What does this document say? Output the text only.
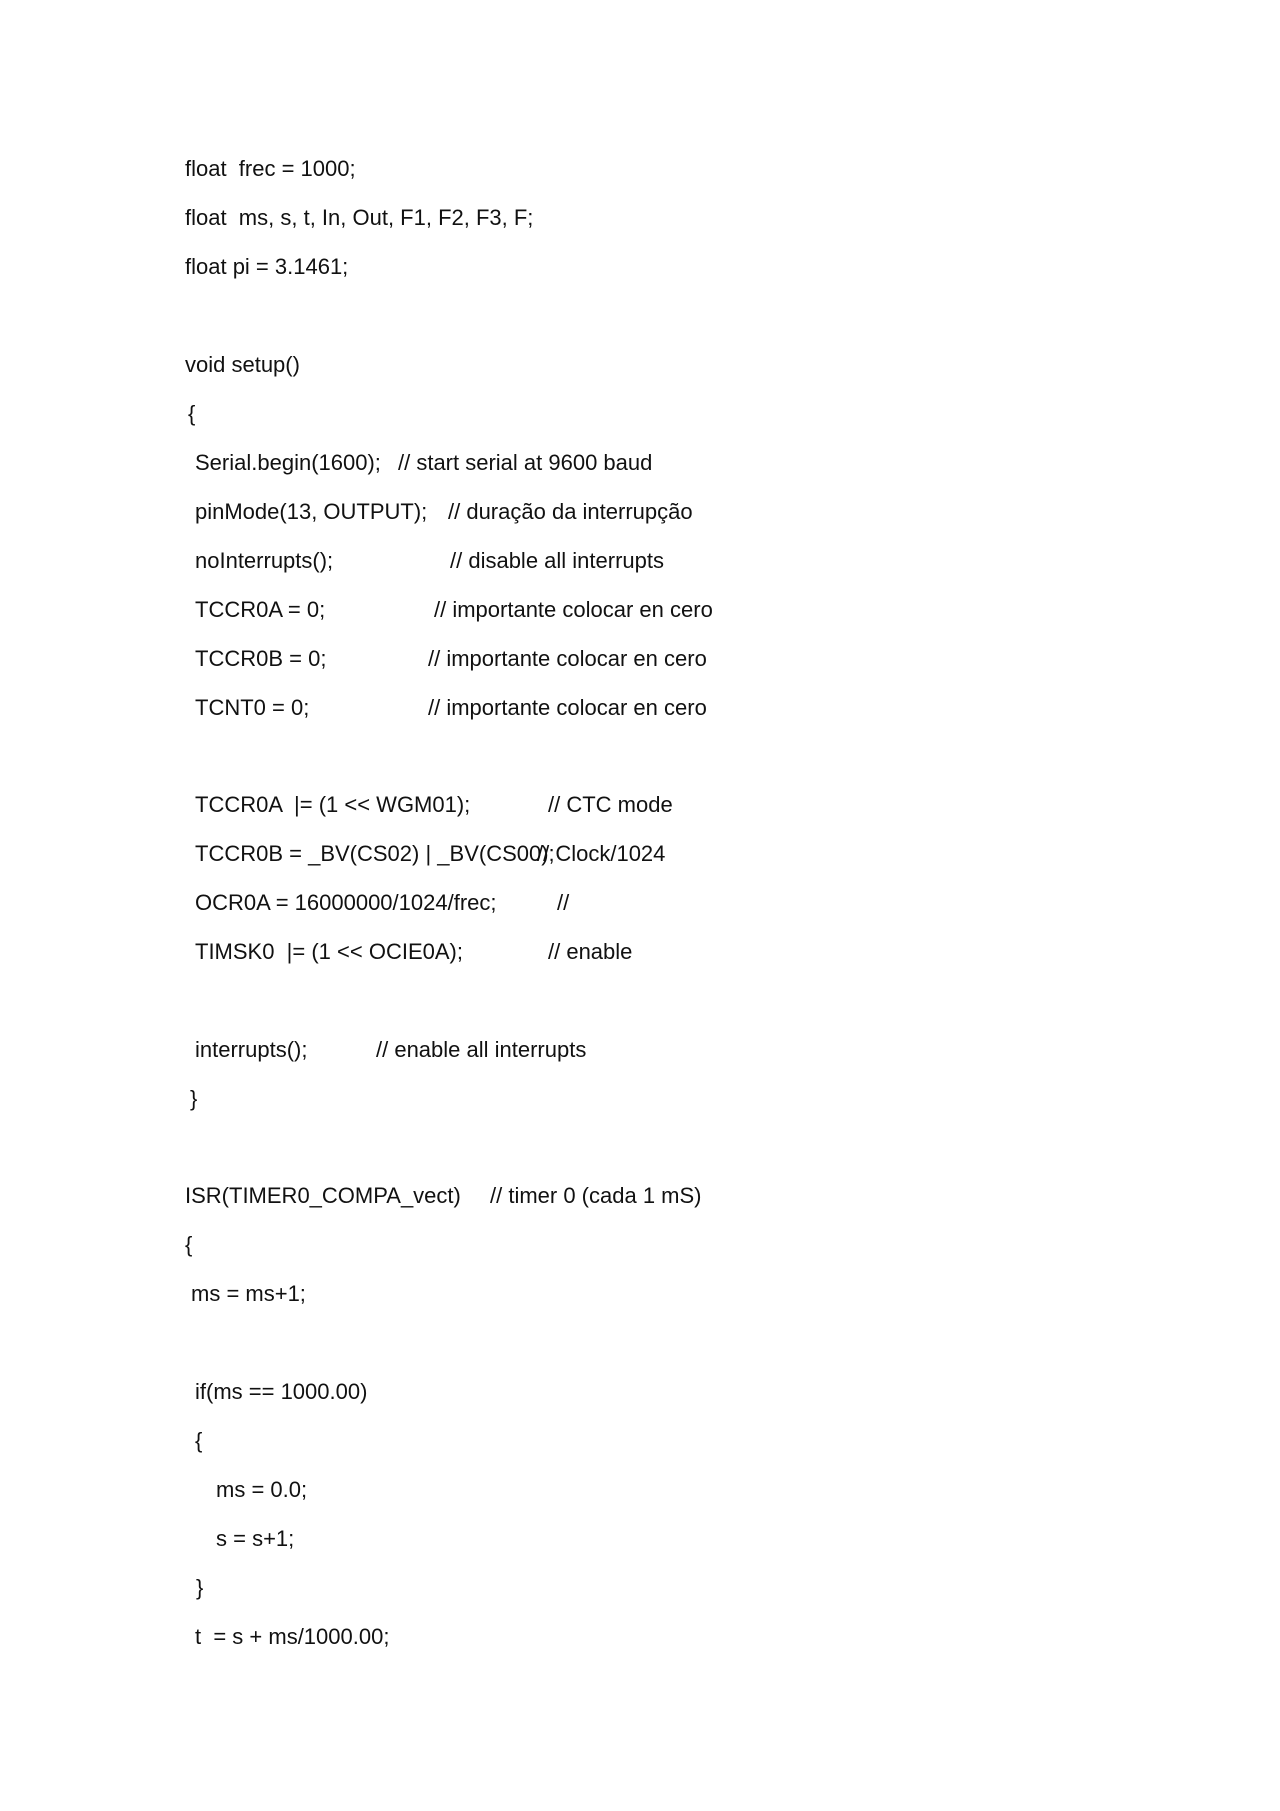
float  frec = 1000;
float  ms, s, t, In, Out, F1, F2, F3, F;
float pi = 3.1461;
void setup()
{
Serial.begin(1600); // start serial at 9600 baud
pinMode(13, OUTPUT); // duração da interrupção
noInterrupts();	// disable all interrupts
TCCR0A = 0;	// importante colocar en cero
TCCR0B = 0;	// importante colocar en cero
TCNT0 = 0;	// importante colocar en cero
TCCR0A  |= (1 << WGM01);	// CTC mode
TCCR0B = _BV(CS02) | _BV(CS00);
// Clock/1024
OCR0A = 16000000/1024/frec;	//
TIMSK0  |= (1 << OCIE0A);	// enable
interrupts();	// enable all interrupts
}
ISR(TIMER0_COMPA_vect) // timer 0 (cada 1 mS)
{
ms = ms+1;
if(ms == 1000.00)
{
ms = 0.0;
s = s+1;
}
t  = s + ms/1000.00;
